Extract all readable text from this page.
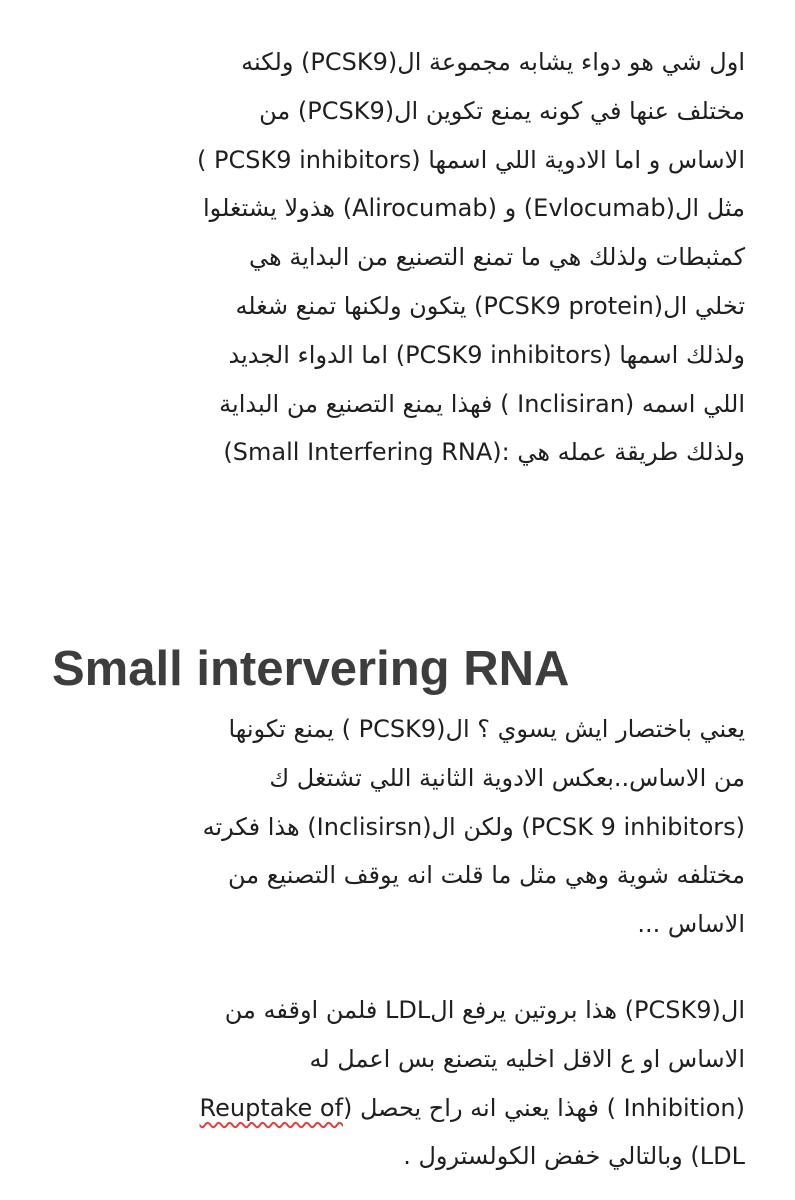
اول شي هو دواء يشابه مجموعة ال(PCSK9) ولكنه
مختلف عنها في كونه يمنع تكوين ال(PCSK9) من
الاساس و اما الادوية اللي اسمها (PCSK9 inhibitors )
مثل ال(Evlocumab) و (Alirocumab) هذولا يشتغلوا
كمثبطات ولذلك هي ما تمنع التصنيع من البداية هي
تخلي ال(PCSK9 protein) يتكون ولكنها تمنع شغله
ولذلك اسمها (PCSK9 inhibitors) اما الدواء الجديد
اللي اسمه (Inclisiran ) فهذا يمنع التصنيع من البداية
ولذلك طريقة عمله هي :(Small Interfering RNA)

Small intervering RNA

يعني باختصار ايش يسوي ؟ ال(PCSK9 ) يمنع تكونها
من الاساس..بعكس الادوية الثانية اللي تشتغل ك
(PCSK 9 inhibitors) ولكن ال(Inclisirsn) هذا فكرته
مختلفه شوية وهي مثل ما قلت انه يوقف التصنيع من
الاساس ...

ال(PCSK9) هذا بروتين يرفع الLDL فلمن اوقفه من
الاساس او ع الاقل اخليه يتصنع بس اعمل له
(Inhibition ) فهذا يعني انه راح يحصل (Reuptake of
LDL) وبالتالي خفض الكولسترول .
